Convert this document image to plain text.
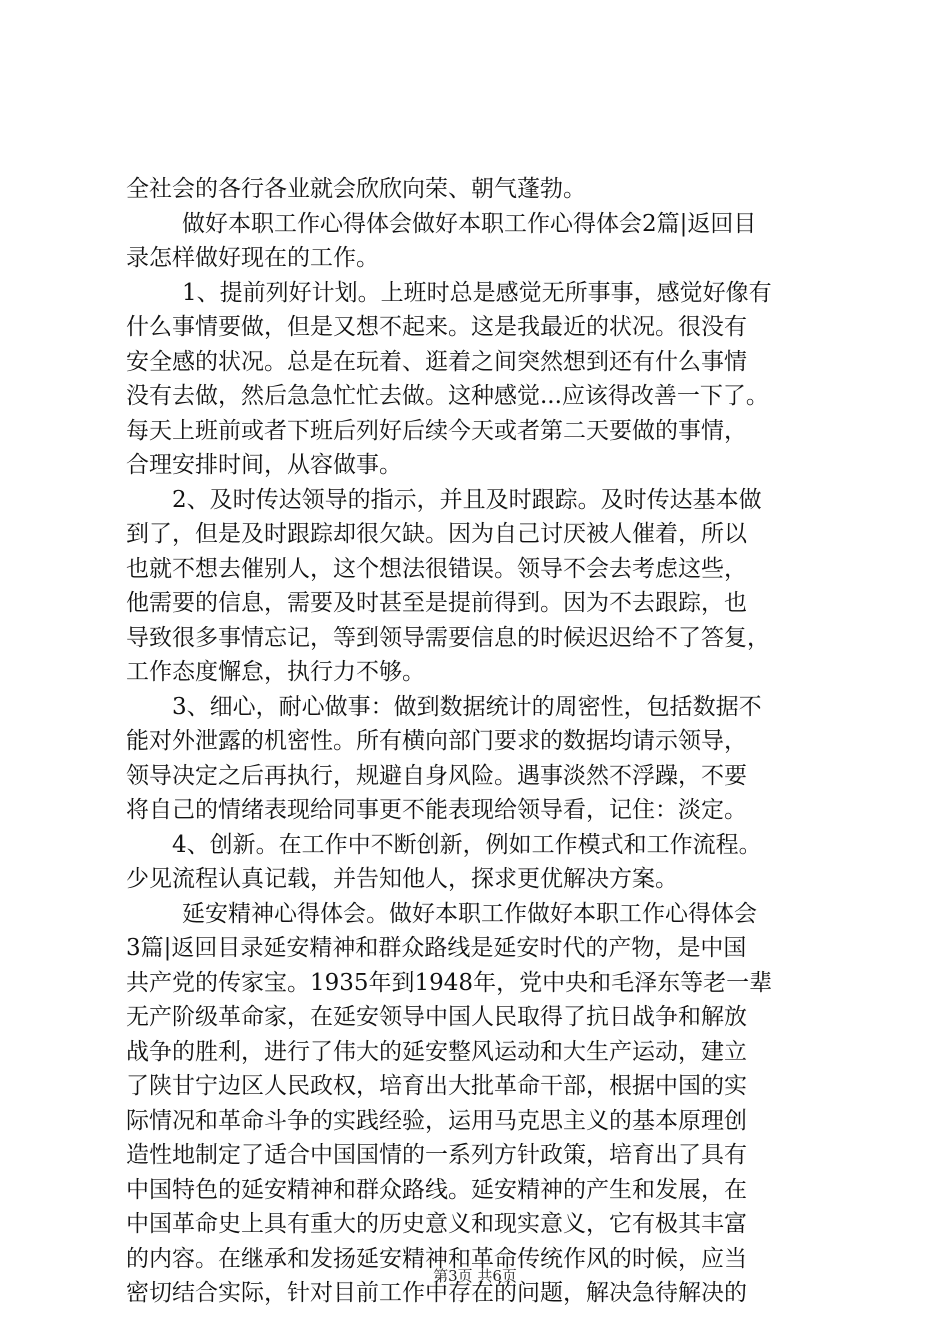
全社会的各行各业就会欣欣向荣、朝气蓬勃。
做好本职工作心得体会做好本职工作心得体会2篇|返回目
录怎样做好现在的工作。
1、提前列好计划。上班时总是感觉无所事事，感觉好像有
什么事情要做，但是又想不起来。这是我最近的状况。很没有
安全感的状况。总是在玩着、逛着之间突然想到还有什么事情
没有去做，然后急急忙忙去做。这种感觉...应该得改善一下了。
每天上班前或者下班后列好后续今天或者第二天要做的事情，
合理安排时间，从容做事。
2、及时传达领导的指示，并且及时跟踪。及时传达基本做
到了，但是及时跟踪却很欠缺。因为自己讨厌被人催着，所以
也就不想去催别人，这个想法很错误。领导不会去考虑这些，
他需要的信息，需要及时甚至是提前得到。因为不去跟踪，也
导致很多事情忘记，等到领导需要信息的时候迟迟给不了答复，
工作态度懈怠，执行力不够。
3、细心，耐心做事：做到数据统计的周密性，包括数据不
能对外泄露的机密性。所有横向部门要求的数据均请示领导，
领导决定之后再执行，规避自身风险。遇事淡然不浮躁，不要
将自己的情绪表现给同事更不能表现给领导看，记住：淡定。
4、创新。在工作中不断创新，例如工作模式和工作流程。
少见流程认真记载，并告知他人，探求更优解决方案。
延安精神心得体会。做好本职工作做好本职工作心得体会
3篇|返回目录延安精神和群众路线是延安时代的产物，是中国
共产党的传家宝。1935年到1948年，党中央和毛泽东等老一辈
无产阶级革命家，在延安领导中国人民取得了抗日战争和解放
战争的胜利，进行了伟大的延安整风运动和大生产运动，建立
了陕甘宁边区人民政权，培育出大批革命干部，根据中国的实
际情况和革命斗争的实践经验，运用马克思主义的基本原理创
造性地制定了适合中国国情的一系列方针政策，培育出了具有
中国特色的延安精神和群众路线。延安精神的产生和发展，在
中国革命史上具有重大的历史意义和现实意义，它有极其丰富
的内容。在继承和发扬延安精神和革命传统作风的时候，应当
密切结合实际，针对目前工作中存在的问题，解决急待解决的
第3页 共6页
